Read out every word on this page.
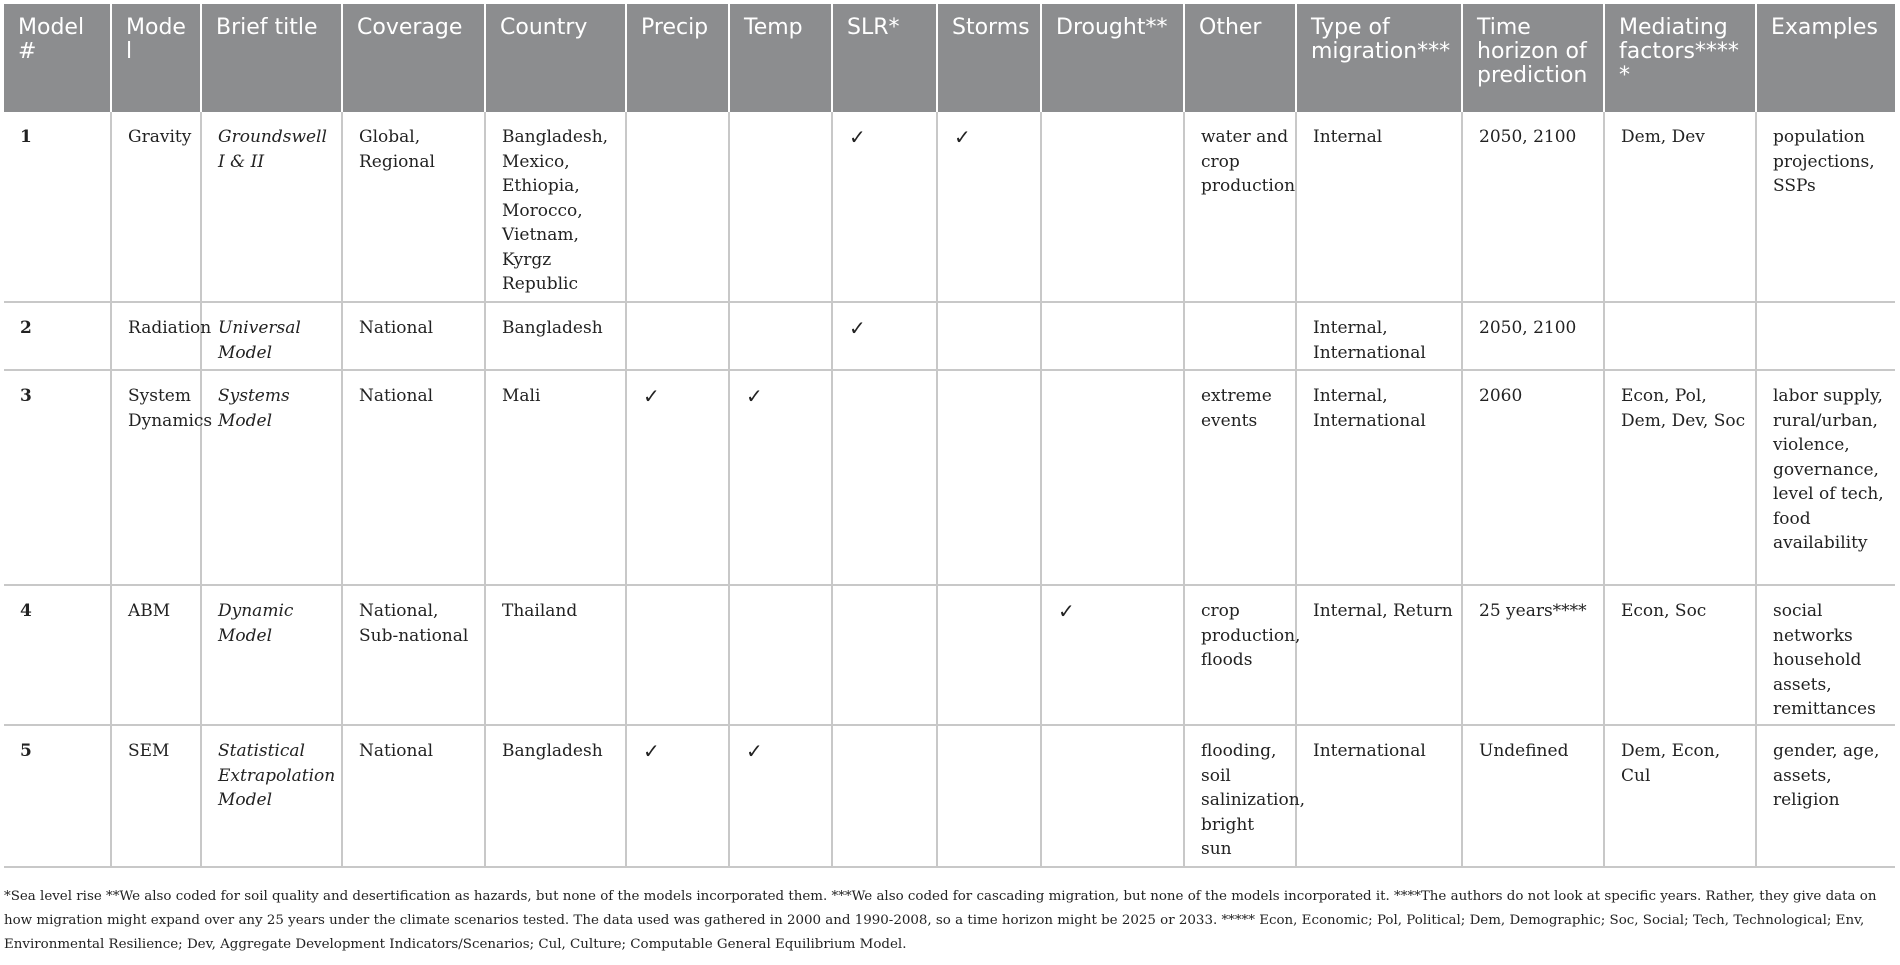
Model #	Model	Brief title	Coverage	Country	Precip	Temp	SLR*	Storms	Drought**	Other	Type of migration***	Time horizon of prediction	Mediating factors*****	Examples
1	Gravity	Groundswell I & II	Global, Regional	Bangladesh, Mexico, Ethiopia, Morocco, Vietnam, Kyrgz Republic			✓	✓		water and crop production	Internal	2050, 2100	Dem, Dev	population projections, SSPs
2	Radiation	Universal Model	National	Bangladesh			✓				Internal, International	2050, 2100		
3	System Dynamics	Systems Model	National	Mali	✓	✓				extreme events	Internal, International	2060	Econ, Pol, Dem, Dev, Soc	labor supply, rural/urban, violence, governance, level of tech, food availability
4	ABM	Dynamic Model	National, Sub-national	Thailand					✓	crop production, floods	Internal, Return	25 years****	Econ, Soc	social networks household assets, remittances
5	SEM	Statistical Extrapolation Model	National	Bangladesh	✓	✓				flooding, soil salinization, bright sun	International	Undefined	Dem, Econ, Cul	gender, age, assets, religion
*Sea level rise **We also coded for soil quality and desertification as hazards, but none of the models incorporated them. ***We also coded for cascading migration, but none of the models incorporated it. ****The authors do not look at specific years. Rather, they give data on how migration might expand over any 25 years under the climate scenarios tested. The data used was gathered in 2000 and 1990-2008, so a time horizon might be 2025 or 2033. ***** Econ, Economic; Pol, Political; Dem, Demographic; Soc, Social; Tech, Technological; Env, Environmental Resilience; Dev, Aggregate Development Indicators/Scenarios; Cul, Culture; Computable General Equilibrium Model.
